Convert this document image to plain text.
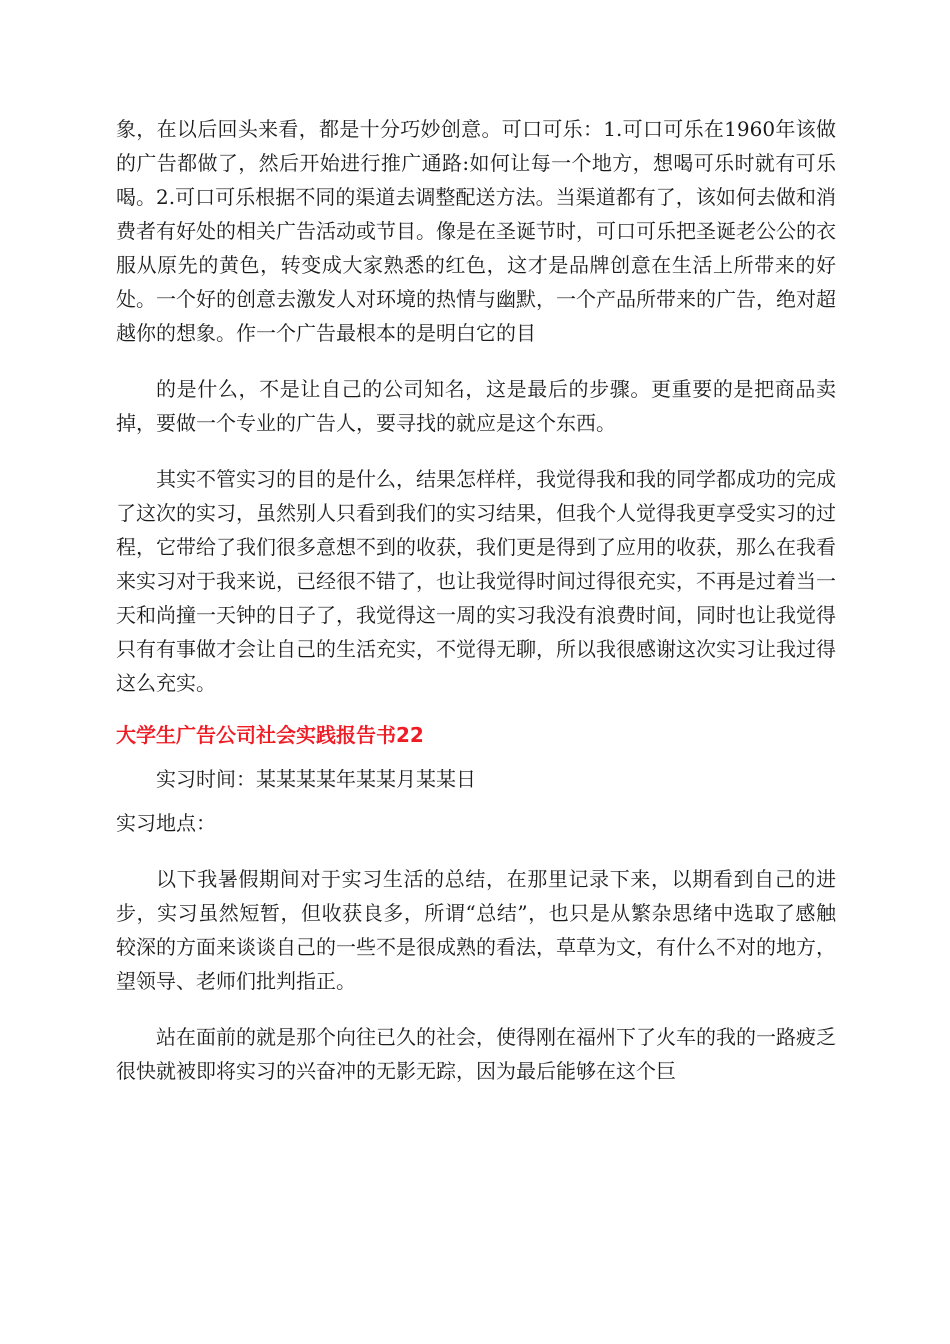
象，在以后回头来看，都是十分巧妙创意。可口可乐：1.可口可乐在1960年该做的广告都做了，然后开始进行推广通路:如何让每一个地方，想喝可乐时就有可乐喝。2.可口可乐根据不同的渠道去调整配送方法。当渠道都有了，该如何去做和消费者有好处的相关广告活动或节目。像是在圣诞节时，可口可乐把圣诞老公公的衣服从原先的黄色，转变成大家熟悉的红色，这才是品牌创意在生活上所带来的好处。一个好的创意去激发人对环境的热情与幽默，一个产品所带来的广告，绝对超越你的想象。作一个广告最根本的是明白它的目

的是什么，不是让自己的公司知名，这是最后的步骤。更重要的是把商品卖掉，要做一个专业的广告人，要寻找的就应是这个东西。

其实不管实习的目的是什么，结果怎样样，我觉得我和我的同学都成功的完成了这次的实习，虽然别人只看到我们的实习结果，但我个人觉得我更享受实习的过程，它带给了我们很多意想不到的收获，我们更是得到了应用的收获，那么在我看来实习对于我来说，已经很不错了，也让我觉得时间过得很充实，不再是过着当一天和尚撞一天钟的日子了，我觉得这一周的实习我没有浪费时间，同时也让我觉得只有有事做才会让自己的生活充实，不觉得无聊，所以我很感谢这次实习让我过得这么充实。

大学生广告公司社会实践报告书22

实习时间：某某某某年某某月某某日

实习地点：

以下我暑假期间对于实习生活的总结，在那里记录下来，以期看到自己的进步，实习虽然短暂，但收获良多，所谓“总结”，也只是从繁杂思绪中选取了感触较深的方面来谈谈自己的一些不是很成熟的看法，草草为文，有什么不对的地方，望领导、老师们批判指正。

站在面前的就是那个向往已久的社会，使得刚在福州下了火车的我的一路疲乏很快就被即将实习的兴奋冲的无影无踪，因为最后能够在这个巨
